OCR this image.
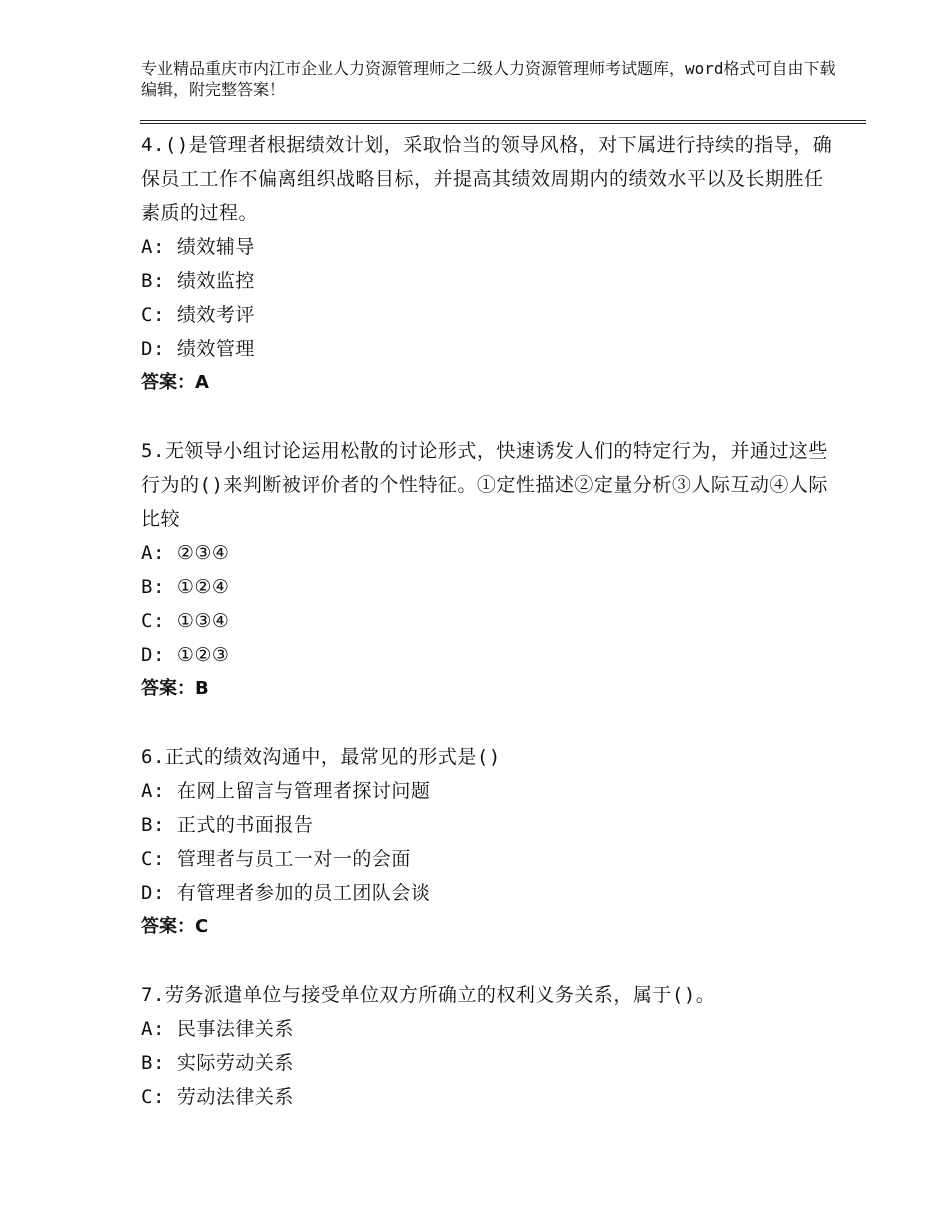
专业精品重庆市内江市企业人力资源管理师之二级人力资源管理师考试题库，word格式可自由下载编辑，附完整答案！

4.()是管理者根据绩效计划，采取恰当的领导风格，对下属进行持续的指导，确保员工工作不偏离组织战略目标，并提高其绩效周期内的绩效水平以及长期胜任素质的过程。

A: 绩效辅导

B: 绩效监控

C: 绩效考评

D: 绩效管理

答案：A

5.无领导小组讨论运用松散的讨论形式，快速诱发人们的特定行为，并通过这些行为的()来判断被评价者的个性特征。①定性描述②定量分析③人际互动④人际比较

A: ②③④

B: ①②④

C: ①③④

D: ①②③

答案：B

6.正式的绩效沟通中，最常见的形式是()

A: 在网上留言与管理者探讨问题

B: 正式的书面报告

C: 管理者与员工一对一的会面

D: 有管理者参加的员工团队会谈

答案：C

7.劳务派遣单位与接受单位双方所确立的权利义务关系，属于()。

A: 民事法律关系

B: 实际劳动关系

C: 劳动法律关系
